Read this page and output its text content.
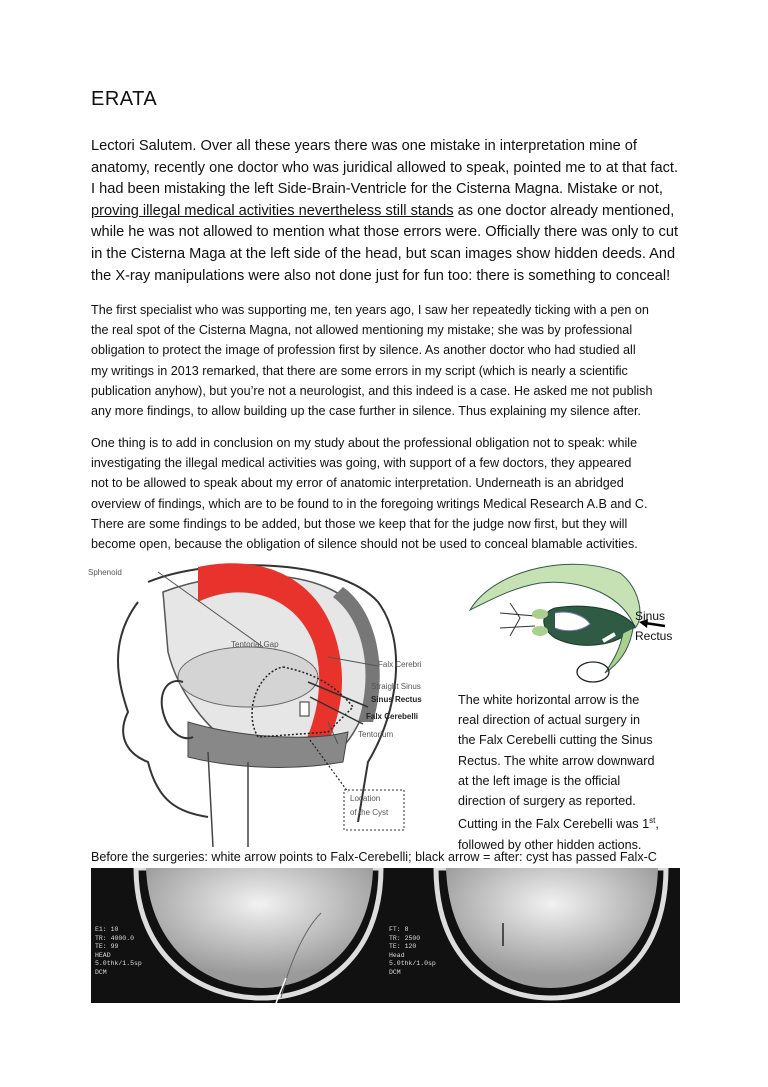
ERATA
Lectori Salutem. Over all these years there was one mistake in interpretation mine of
anatomy, recently one doctor who was juridical allowed to speak, pointed me to at that fact.
I had been mistaking the left Side-Brain-Ventricle for the Cisterna Magna. Mistake or not,
proving illegal medical activities nevertheless still stands as one doctor already mentioned,
while he was not allowed to mention what those errors were. Officially there was only to cut
in the Cisterna Maga at the left side of the head, but scan images show hidden deeds. And
the X-ray manipulations were also not done just for fun too: there is something to conceal!
The first specialist who was supporting me, ten years ago, I saw her repeatedly ticking with a pen on
the real spot of the Cisterna Magna, not allowed mentioning my mistake; she was by professional
obligation to protect the image of profession first by silence. As another doctor who had studied all
my writings in 2013 remarked, that there are some errors in my script (which is nearly a scientific
publication anyhow), but you’re not a neurologist, and this indeed is a case. He asked me not publish
any more findings, to allow building up the case further in silence. Thus explaining my silence after.
One thing is to add in conclusion on my study about the professional obligation not to speak: while
investigating the illegal medical activities was going, with support of a few doctors, they appeared
not to be allowed to speak about my error of anatomic interpretation. Underneath is an abridged
overview of findings, which are to be found to in the foregoing writings Medical Research A.B and C.
There are some findings to be added, but those we keep that for the judge now first, but they will
become open, because the obligation of silence should not be used to conceal blamable activities.
Sphenoid
Tentorial Gap
Falx Cerebri
Straight Sinus
Sinus Rectus
Falx Cerebelli
Tentorium
Location
of the Cyst
Sinus
Rectus
The white horizontal arrow is the
real direction of actual surgery in
the Falx Cerebelli cutting the Sinus
Rectus. The white arrow downward
at the left image is the official
direction of surgery as reported.
Cutting in the Falx Cerebelli was 1st,
followed by other hidden actions.
Before the surgeries: white arrow points to Falx-Cerebelli; black arrow = after: cyst has passed Falx-C
E1: 10
TR: 4000.0
TE: 99
HEAD
5.0thk/1.5sp
DCM
FT: 8
TR: 2500
TE: 120
Head
5.0thk/1.0sp
DCM
